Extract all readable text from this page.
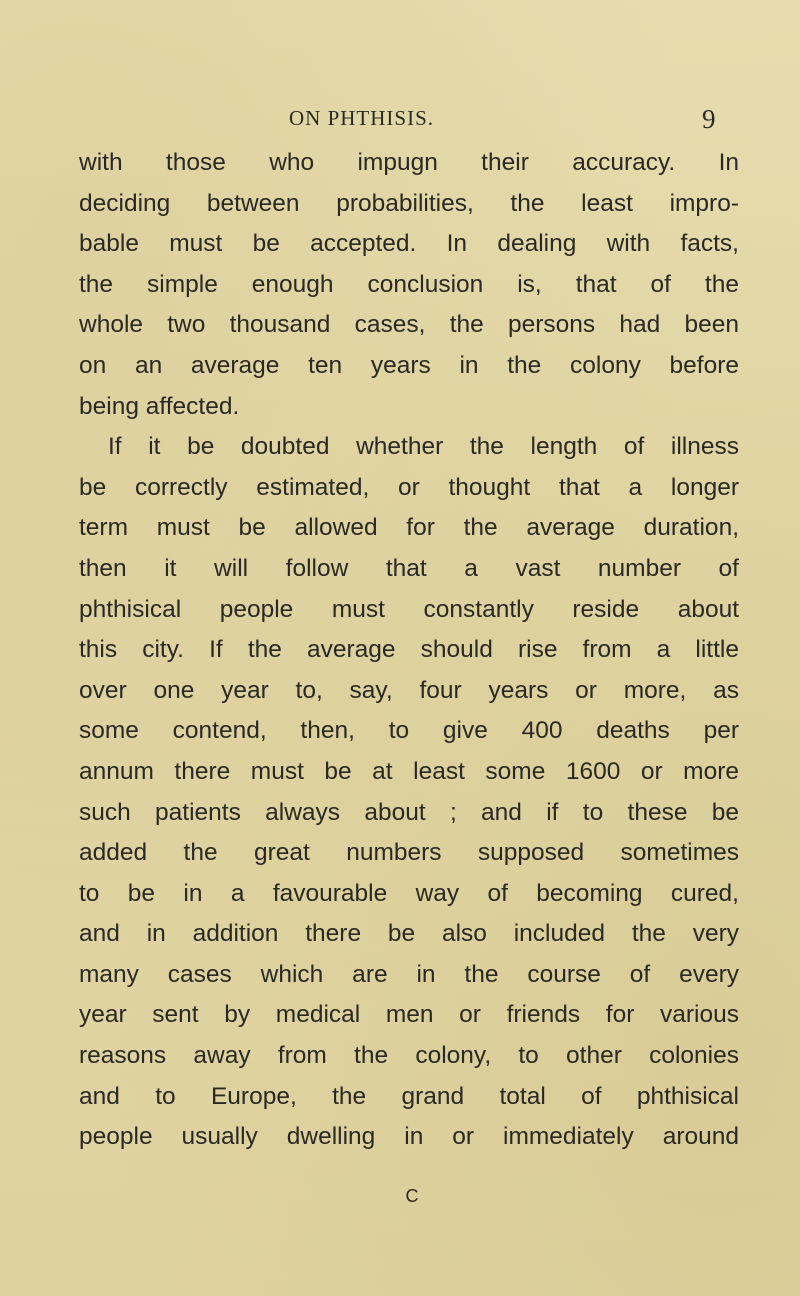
ON PHTHISIS.	9
with those who impugn their accuracy. In
deciding between probabilities, the least impro-
bable must be accepted. In dealing with facts,
the simple enough conclusion is, that of the
whole two thousand cases, the persons had been
on an average ten years in the colony before
being affected.
If it be doubted whether the length of illness
be correctly estimated, or thought that a longer
term must be allowed for the average duration,
then it will follow that a vast number of
phthisical people must constantly reside about
this city. If the average should rise from a little
over one year to, say, four years or more, as
some contend, then, to give 400 deaths per
annum there must be at least some 1600 or more
such patients always about ; and if to these be
added the great numbers supposed sometimes
to be in a favourable way of becoming cured,
and in addition there be also included the very
many cases which are in the course of every
year sent by medical men or friends for various
reasons away from the colony, to other colonies
and to Europe, the grand total of phthisical
people usually dwelling in or immediately around
C
